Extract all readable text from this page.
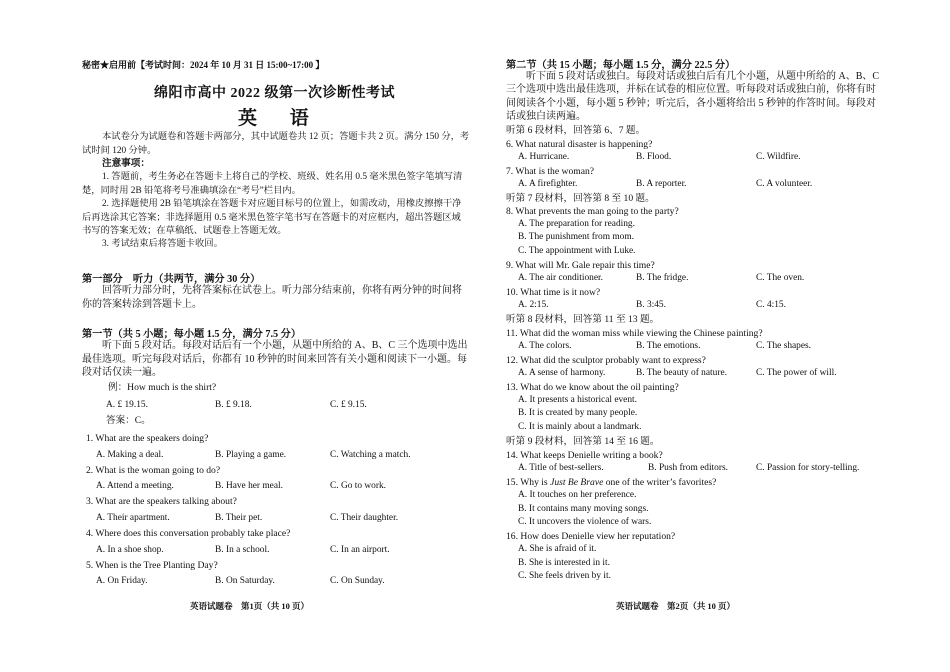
秘密★启用前【考试时间：2024 年 10 月 31 日 15:00~17:00 】
绵阳市高中 2022 级第一次诊断性考试
英 语
本试卷分为试题卷和答题卡两部分，其中试题卷共 12 页；答题卡共 2 页。满分 150 分，考试时间 120 分钟。
注意事项：
1. 答题前，考生务必在答题卡上将自己的学校、班级、姓名用 0.5 毫米黑色签字笔填写清楚，同时用 2B 铅笔将考号准确填涂在“考号”栏目内。
2. 选择题使用 2B 铅笔填涂在答题卡对应题目标号的位置上，如需改动，用橡皮擦擦干净后再选涂其它答案；非选择题用 0.5 毫米黑色签字笔书写在答题卡的对应框内，超出答题区域书写的答案无效；在草稿纸、试题卷上答题无效。
3. 考试结束后将答题卡收回。
第一部分　听力（共两节，满分 30 分）
回答听力部分时，先将答案标在试卷上。听力部分结束前，你将有两分钟的时间将你的答案转涂到答题卡上。
第一节（共 5 小题；每小题 1.5 分，满分 7.5 分）
听下面 5 段对话。每段对话后有一个小题，从题中所给的 A、B、C 三个选项中选出最佳选项。听完每段对话后，你都有 10 秒钟的时间来回答有关小题和阅读下一小题。每段对话仅读一遍。
例：How much is the shirt?
A. £ 19.15.	B. £ 9.18.	C. £ 9.15.
答案：C。
1. What are the speakers doing?
A. Making a deal.	B. Playing a game.	C. Watching a match.
2. What is the woman going to do?
A. Attend a meeting.	B. Have her meal.	C. Go to work.
3. What are the speakers talking about?
A. Their apartment.	B. Their pet.	C. Their daughter.
4. Where does this conversation probably take place?
A. In a shoe shop.	B. In a school.	C. In an airport.
5. When is the Tree Planting Day?
A. On Friday.	B. On Saturday.	C. On Sunday.
英语试题卷　第1页（共 10 页）
第二节（共 15 小题；每小题 1.5 分，满分 22.5 分）
听下面 5 段对话或独白。每段对话或独白后有几个小题，从题中所给的 A、B、C 三个选项中选出最佳选项，并标在试卷的相应位置。听每段对话或独白前，你将有时间阅读各个小题，每小题 5 秒钟；听完后，各小题将给出 5 秒钟的作答时间。每段对话或独白读两遍。
听第 6 段材料，回答第 6、7 题。
6. What natural disaster is happening?
A. Hurricane.	B. Flood.	C. Wildfire.
7. What is the woman?
A. A firefighter.	B. A reporter.	C. A volunteer.
听第 7 段材料，回答第 8 至 10 题。
8. What prevents the man going to the party?
A. The preparation for reading.
B. The punishment from mom.
C. The appointment with Luke.
9. What will Mr. Gale repair this time?
A. The air conditioner.	B. The fridge.	C. The oven.
10. What time is it now?
A. 2:15.	B. 3:45.	C. 4:15.
听第 8 段材料，回答第 11 至 13 题。
11. What did the woman miss while viewing the Chinese painting?
A. The colors.	B. The emotions.	C. The shapes.
12. What did the sculptor probably want to express?
A. A sense of harmony.	B. The beauty of nature.	C. The power of will.
13. What do we know about the oil painting?
A. It presents a historical event.
B. It is created by many people.
C. It is mainly about a landmark.
听第 9 段材料，回答第 14 至 16 题。
14. What keeps Denielle writing a book?
A. Title of best-sellers.	B. Push from editors.	C. Passion for story-telling.
15. Why is Just Be Brave one of the writer’s favorites?
A. It touches on her preference.
B. It contains many moving songs.
C. It uncovers the violence of wars.
16. How does Denielle view her reputation?
A. She is afraid of it.
B. She is interested in it.
C. She feels driven by it.
英语试题卷　第2页（共 10 页）
